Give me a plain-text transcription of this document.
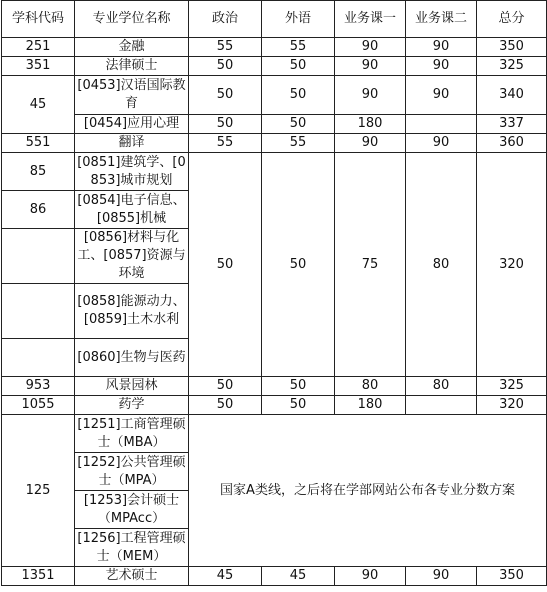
学科代码	专业学位名称	政治	外语	业务课一	业务课二	总分
251	金融	55	55	90	90	350
351	法律硕士	50	50	90	90	325
45	[0453]汉语国际教育	50	50	90	90	340
	[0454]应用心理	50	50	180		337
551	翻译	55	55	90	90	360
85	[0851]建筑学、[0853]城市规划	50	50	75	80	320
86	[0854]电子信息、[0855]机械					
	[0856]材料与化工、[0857]资源与环境					
	[0858]能源动力、[0859]土木水利					
	[0860]生物与医药					
953	风景园林	50	50	80	80	325
1055	药学	50	50	180		320
125	[1251]工商管理硕士（MBA）	国家A类线，之后将在学部网站公布各专业分数方案				
	[1252]公共管理硕士（MPA）					
	[1253]会计硕士（MPAcc）					
	[1256]工程管理硕士（MEM）					
1351	艺术硕士	45	45	90	90	350
